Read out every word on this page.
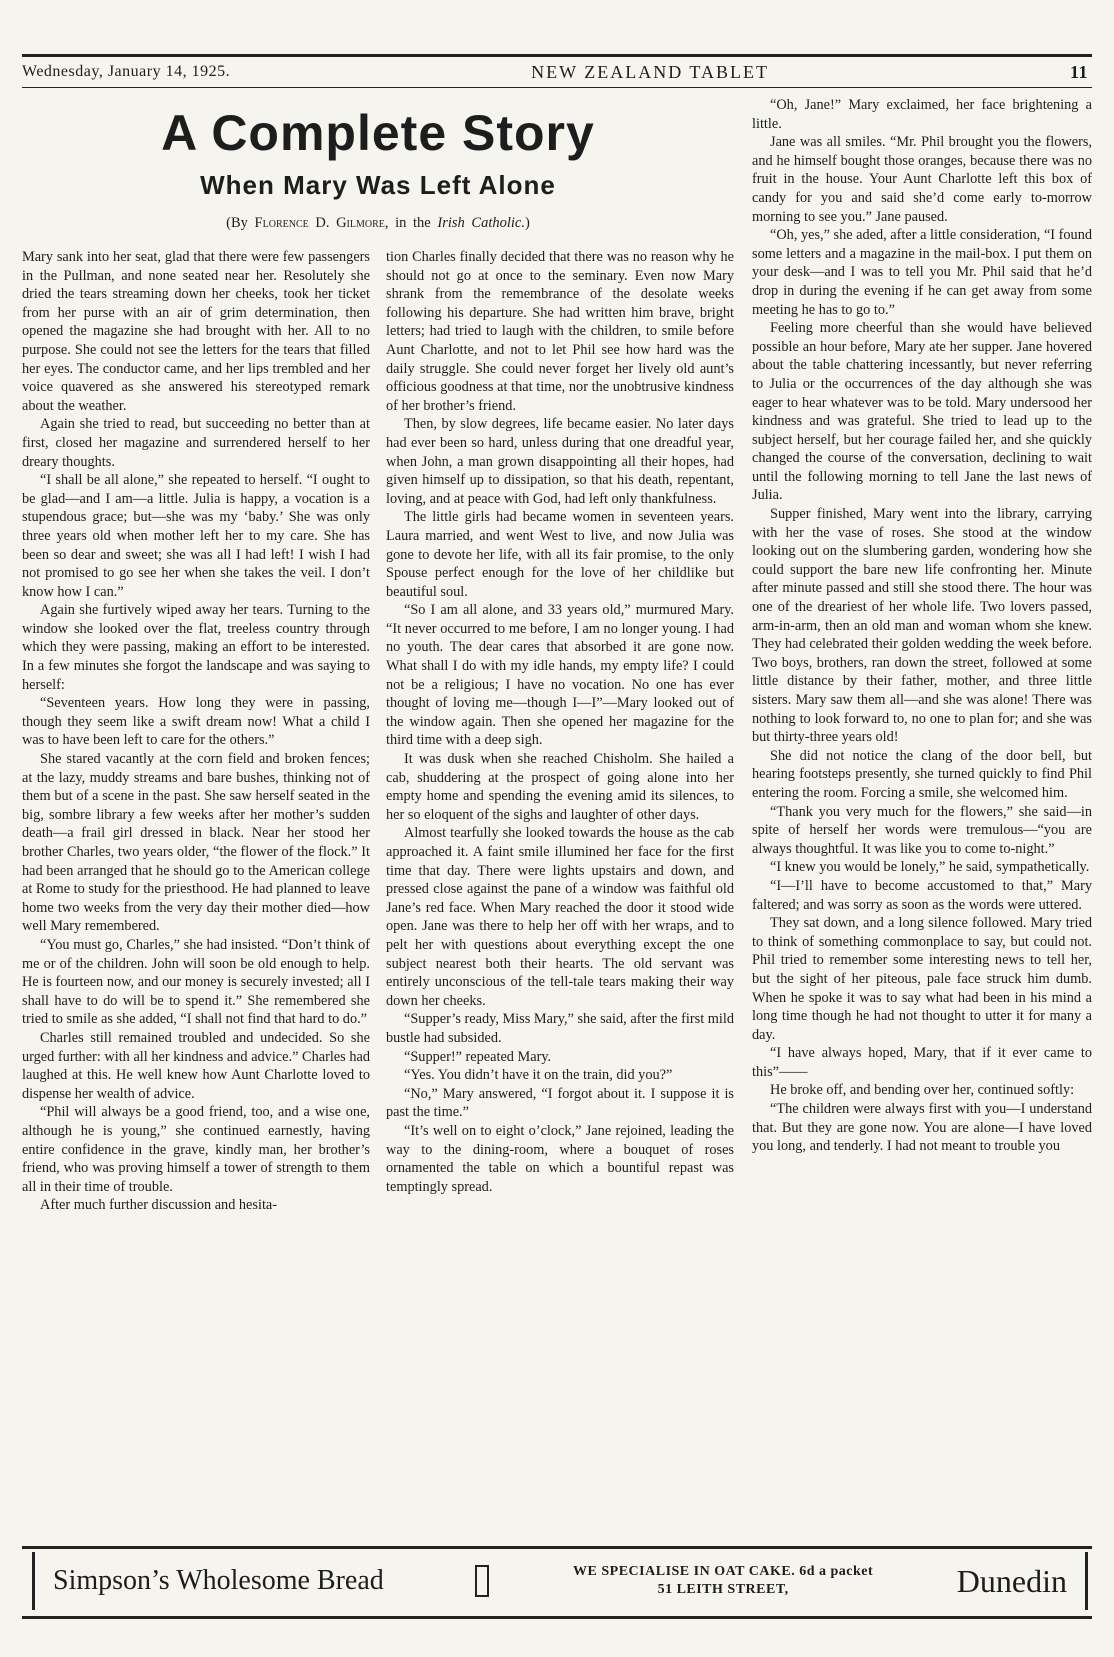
Wednesday, January 14, 1925.	NEW ZEALAND TABLET	11
A Complete Story
When Mary Was Left Alone
(By Florence D. Gilmore, in the Irish Catholic.)

Mary sank into her seat, glad that there were few passengers in the Pullman, and none seated near her. Resolutely she dried the tears streaming down her cheeks, took her ticket from her purse with an air of grim determination, then opened the magazine she had brought with her. All to no purpose. She could not see the letters for the tears that filled her eyes. The conductor came, and her lips trembled and her voice quavered as she answered his stereotyped remark about the weather.

Again she tried to read, but succeeding no better than at first, closed her magazine and surrendered herself to her dreary thoughts.

“I shall be all alone,” she repeated to herself. “I ought to be glad—and I am—a little. Julia is happy, a vocation is a stupendous grace; but—she was my ‘baby.’ She was only three years old when mother left her to my care. She has been so dear and sweet; she was all I had left! I wish I had not promised to go see her when she takes the veil. I don’t know how I can.”

Again she furtively wiped away her tears. Turning to the window she looked over the flat, treeless country through which they were passing, making an effort to be interested. In a few minutes she forgot the landscape and was saying to herself:

“Seventeen years. How long they were in passing, though they seem like a swift dream now! What a child I was to have been left to care for the others.”

She stared vacantly at the corn field and broken fences; at the lazy, muddy streams and bare bushes, thinking not of them but of a scene in the past. She saw herself seated in the big, sombre library a few weeks after her mother’s sudden death—a frail girl dressed in black. Near her stood her brother Charles, two years older, “the flower of the flock.” It had been arranged that he should go to the American college at Rome to study for the priesthood. He had planned to leave home two weeks from the very day their mother died—how well Mary remembered.

“You must go, Charles,” she had insisted. “Don’t think of me or of the children. John will soon be old enough to help. He is fourteen now, and our money is securely invested; all I shall have to do will be to spend it.” She remembered she tried to smile as she added, “I shall not find that hard to do.”

Charles still remained troubled and undecided. So she urged further: with all her kindness and advice.” Charles had laughed at this. He well knew how Aunt Charlotte loved to dispense her wealth of advice.

“Phil will always be a good friend, too, and a wise one, although he is young,” she continued earnestly, having entire confidence in the grave, kindly man, her brother’s friend, who was proving himself a tower of strength to them all in their time of trouble.

After much further discussion and hesita-

tion Charles finally decided that there was no reason why he should not go at once to the seminary. Even now Mary shrank from the remembrance of the desolate weeks following his departure. She had written him brave, bright letters; had tried to laugh with the children, to smile before Aunt Charlotte, and not to let Phil see how hard was the daily struggle. She could never forget her lively old aunt’s officious goodness at that time, nor the unobtrusive kindness of her brother’s friend.

Then, by slow degrees, life became easier. No later days had ever been so hard, unless during that one dreadful year, when John, a man grown disappointing all their hopes, had given himself up to dissipation, so that his death, repentant, loving, and at peace with God, had left only thankfulness.

The little girls had became women in seventeen years. Laura married, and went West to live, and now Julia was gone to devote her life, with all its fair promise, to the only Spouse perfect enough for the love of her childlike but beautiful soul.

“So I am all alone, and 33 years old,” murmured Mary. “It never occurred to me before, I am no longer young. I had no youth. The dear cares that absorbed it are gone now. What shall I do with my idle hands, my empty life? I could not be a religious; I have no vocation. No one has ever thought of loving me—though I—I”—Mary looked out of the window again. Then she opened her magazine for the third time with a deep sigh.

It was dusk when she reached Chisholm. She hailed a cab, shuddering at the prospect of going alone into her empty home and spending the evening amid its silences, to her so eloquent of the sighs and laughter of other days.

Almost tearfully she looked towards the house as the cab approached it. A faint smile illumined her face for the first time that day. There were lights upstairs and down, and pressed close against the pane of a window was faithful old Jane’s red face. When Mary reached the door it stood wide open. Jane was there to help her off with her wraps, and to pelt her with questions about everything except the one subject nearest both their hearts. The old servant was entirely unconscious of the tell-tale tears making their way down her cheeks.

“Supper’s ready, Miss Mary,” she said, after the first mild bustle had subsided.

“Supper!” repeated Mary.

“Yes. You didn’t have it on the train, did you?”

“No,” Mary answered, “I forgot about it. I suppose it is past the time.”

“It’s well on to eight o’clock,” Jane rejoined, leading the way to the dining-room, where a bouquet of roses ornamented the table on which a bountiful repast was temptingly spread.

“Oh, Jane!” Mary exclaimed, her face brightening a little.

Jane was all smiles. “Mr. Phil brought you the flowers, and he himself bought those oranges, because there was no fruit in the house. Your Aunt Charlotte left this box of candy for you and said she’d come early to-morrow morning to see you.” Jane paused.

“Oh, yes,” she aded, after a little consideration, “I found some letters and a magazine in the mail-box. I put them on your desk—and I was to tell you Mr. Phil said that he’d drop in during the evening if he can get away from some meeting he has to go to.”

Feeling more cheerful than she would have believed possible an hour before, Mary ate her supper. Jane hovered about the table chattering incessantly, but never referring to Julia or the occurrences of the day although she was eager to hear whatever was to be told. Mary undersood her kindness and was grateful. She tried to lead up to the subject herself, but her courage failed her, and she quickly changed the course of the conversation, declining to wait until the following morning to tell Jane the last news of Julia.

Supper finished, Mary went into the library, carrying with her the vase of roses. She stood at the window looking out on the slumbering garden, wondering how she could support the bare new life confronting her. Minute after minute passed and still she stood there. The hour was one of the dreariest of her whole life. Two lovers passed, arm-in-arm, then an old man and woman whom she knew. They had celebrated their golden wedding the week before. Two boys, brothers, ran down the street, followed at some little distance by their father, mother, and three little sisters. Mary saw them all—and she was alone! There was nothing to look forward to, no one to plan for; and she was but thirty-three years old!

She did not notice the clang of the door bell, but hearing footsteps presently, she turned quickly to find Phil entering the room. Forcing a smile, she welcomed him.

“Thank you very much for the flowers,” she said—in spite of herself her words were tremulous—“you are always thoughtful. It was like you to come to-night.”

“I knew you would be lonely,” he said, sympathetically.

“I—I’ll have to become accustomed to that,” Mary faltered; and was sorry as soon as the words were uttered.

They sat down, and a long silence followed. Mary tried to think of something commonplace to say, but could not. Phil tried to remember some interesting news to tell her, but the sight of her piteous, pale face struck him dumb. When he spoke it was to say what had been in his mind a long time though he had not thought to utter it for many a day.

“I have always hoped, Mary, that if it ever came to this”——

He broke off, and bending over her, continued softly:

“The children were always first with you—I understand that. But they are gone now. You are alone—I have loved you long, and tenderly. I had not meant to trouble you

Simpson’s Wholesome Bread	WE SPECIALISE IN OAT CAKE. 6d a packet
51 LEITH STREET,	Dunedin
